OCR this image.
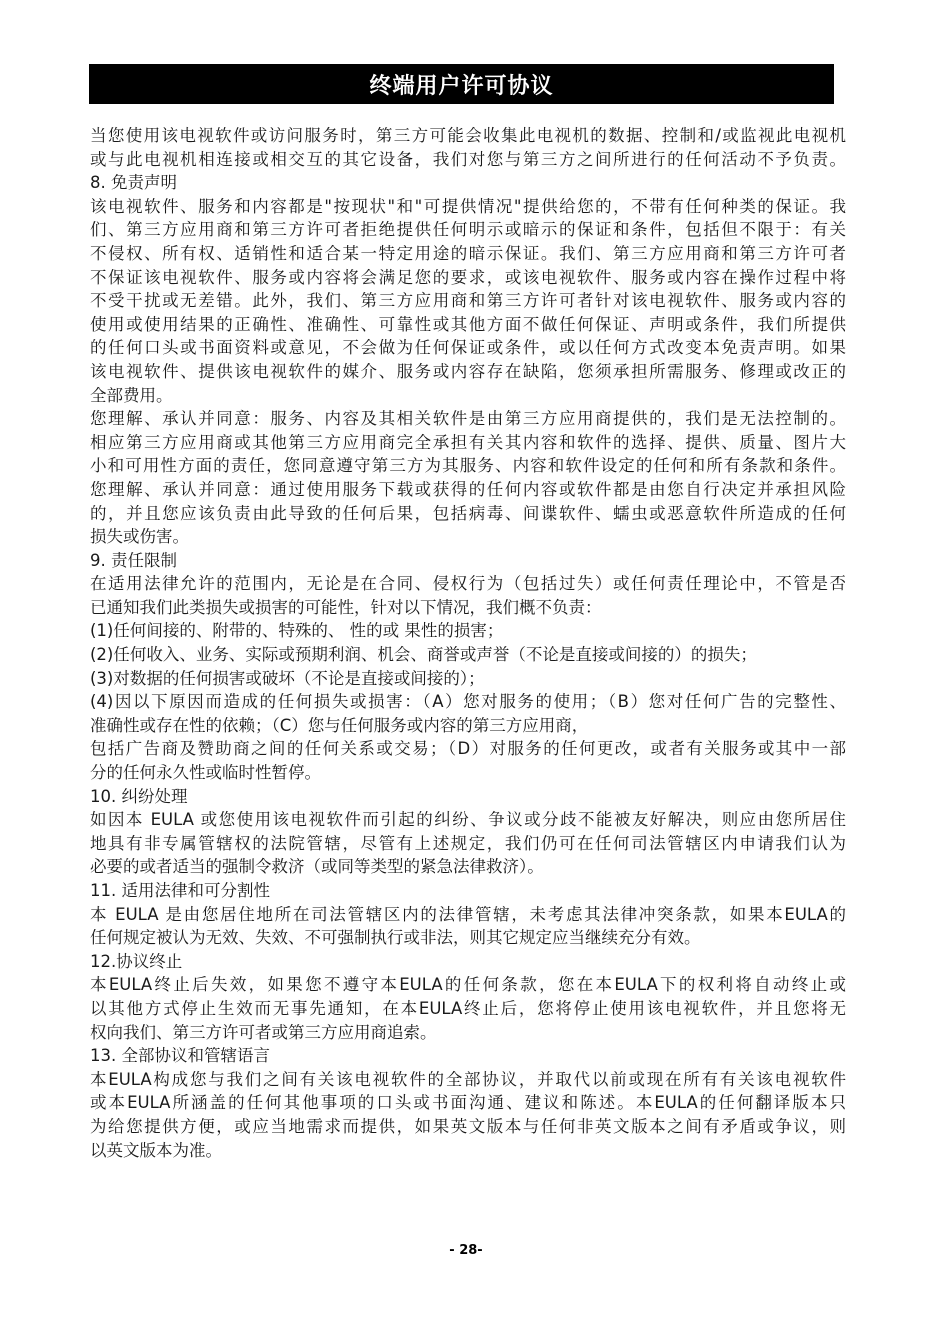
终端用户许可协议
当您使用该电视软件或访问服务时，第三方可能会收集此电视机的数据、控制和/或监视此电视机
或与此电视机相连接或相交互的其它设备，我们对您与第三方之间所进行的任何活动不予负责。
8. 免责声明
该电视软件、服务和内容都是"按现状"和"可提供情况"提供给您的，不带有任何种类的保证。我
们、第三方应用商和第三方许可者拒绝提供任何明示或暗示的保证和条件，包括但不限于：有关
不侵权、所有权、适销性和适合某一特定用途的暗示保证。我们、第三方应用商和第三方许可者
不保证该电视软件、服务或内容将会满足您的要求，或该电视软件、服务或内容在操作过程中将
不受干扰或无差错。此外，我们、第三方应用商和第三方许可者针对该电视软件、服务或内容的
使用或使用结果的正确性、准确性、可靠性或其他方面不做任何保证、声明或条件，我们所提供
的任何口头或书面资料或意见，不会做为任何保证或条件，或以任何方式改变本免责声明。如果
该电视软件、提供该电视软件的媒介、服务或内容存在缺陷，您须承担所需服务、修理或改正的
全部费用。
您理解、承认并同意：服务、内容及其相关软件是由第三方应用商提供的，我们是无法控制的。
相应第三方应用商或其他第三方应用商完全承担有关其内容和软件的选择、提供、质量、图片大
小和可用性方面的责任，您同意遵守第三方为其服务、内容和软件设定的任何和所有条款和条件。
您理解、承认并同意：通过使用服务下载或获得的任何内容或软件都是由您自行决定并承担风险
的，并且您应该负责由此导致的任何后果，包括病毒、间谍软件、蠕虫或恶意软件所造成的任何
损失或伤害。
9. 责任限制
在适用法律允许的范围内，无论是在合同、侵权行为（包括过失）或任何责任理论中，不管是否
已通知我们此类损失或损害的可能性，针对以下情况，我们概不负责：
(1)任何间接的、附带的、特殊的、 性的或 果性的损害；
(2)任何收入、业务、实际或预期利润、机会、商誉或声誉（不论是直接或间接的）的损失；
(3)对数据的任何损害或破坏（不论是直接或间接的）；
(4)因以下原因而造成的任何损失或损害：（A）您对服务的使用；（B）您对任何广告的完整性、
准确性或存在性的依赖；（C）您与任何服务或内容的第三方应用商，
包括广告商及赞助商之间的任何关系或交易；（D）对服务的任何更改，或者有关服务或其中一部
分的任何永久性或临时性暂停。
10. 纠纷处理
如因本 EULA 或您使用该电视软件而引起的纠纷、争议或分歧不能被友好解决，则应由您所居住
地具有非专属管辖权的法院管辖，尽管有上述规定，我们仍可在任何司法管辖区内申请我们认为
必要的或者适当的强制令救济（或同等类型的紧急法律救济）。
11. 适用法律和可分割性
本 EULA 是由您居住地所在司法管辖区内的法律管辖，未考虑其法律冲突条款，如果本EULA的
任何规定被认为无效、失效、不可强制执行或非法，则其它规定应当继续充分有效。
12.协议终止
本EULA终止后失效，如果您不遵守本EULA的任何条款，您在本EULA下的权利将自动终止或
以其他方式停止生效而无事先通知，在本EULA终止后，您将停止使用该电视软件，并且您将无
权向我们、第三方许可者或第三方应用商追索。
13. 全部协议和管辖语言
本EULA构成您与我们之间有关该电视软件的全部协议，并取代以前或现在所有有关该电视软件
或本EULA所涵盖的任何其他事项的口头或书面沟通、建议和陈述。本EULA的任何翻译版本只
为给您提供方便，或应当地需求而提供，如果英文版本与任何非英文版本之间有矛盾或争议，则
以英文版本为准。
- 28-
